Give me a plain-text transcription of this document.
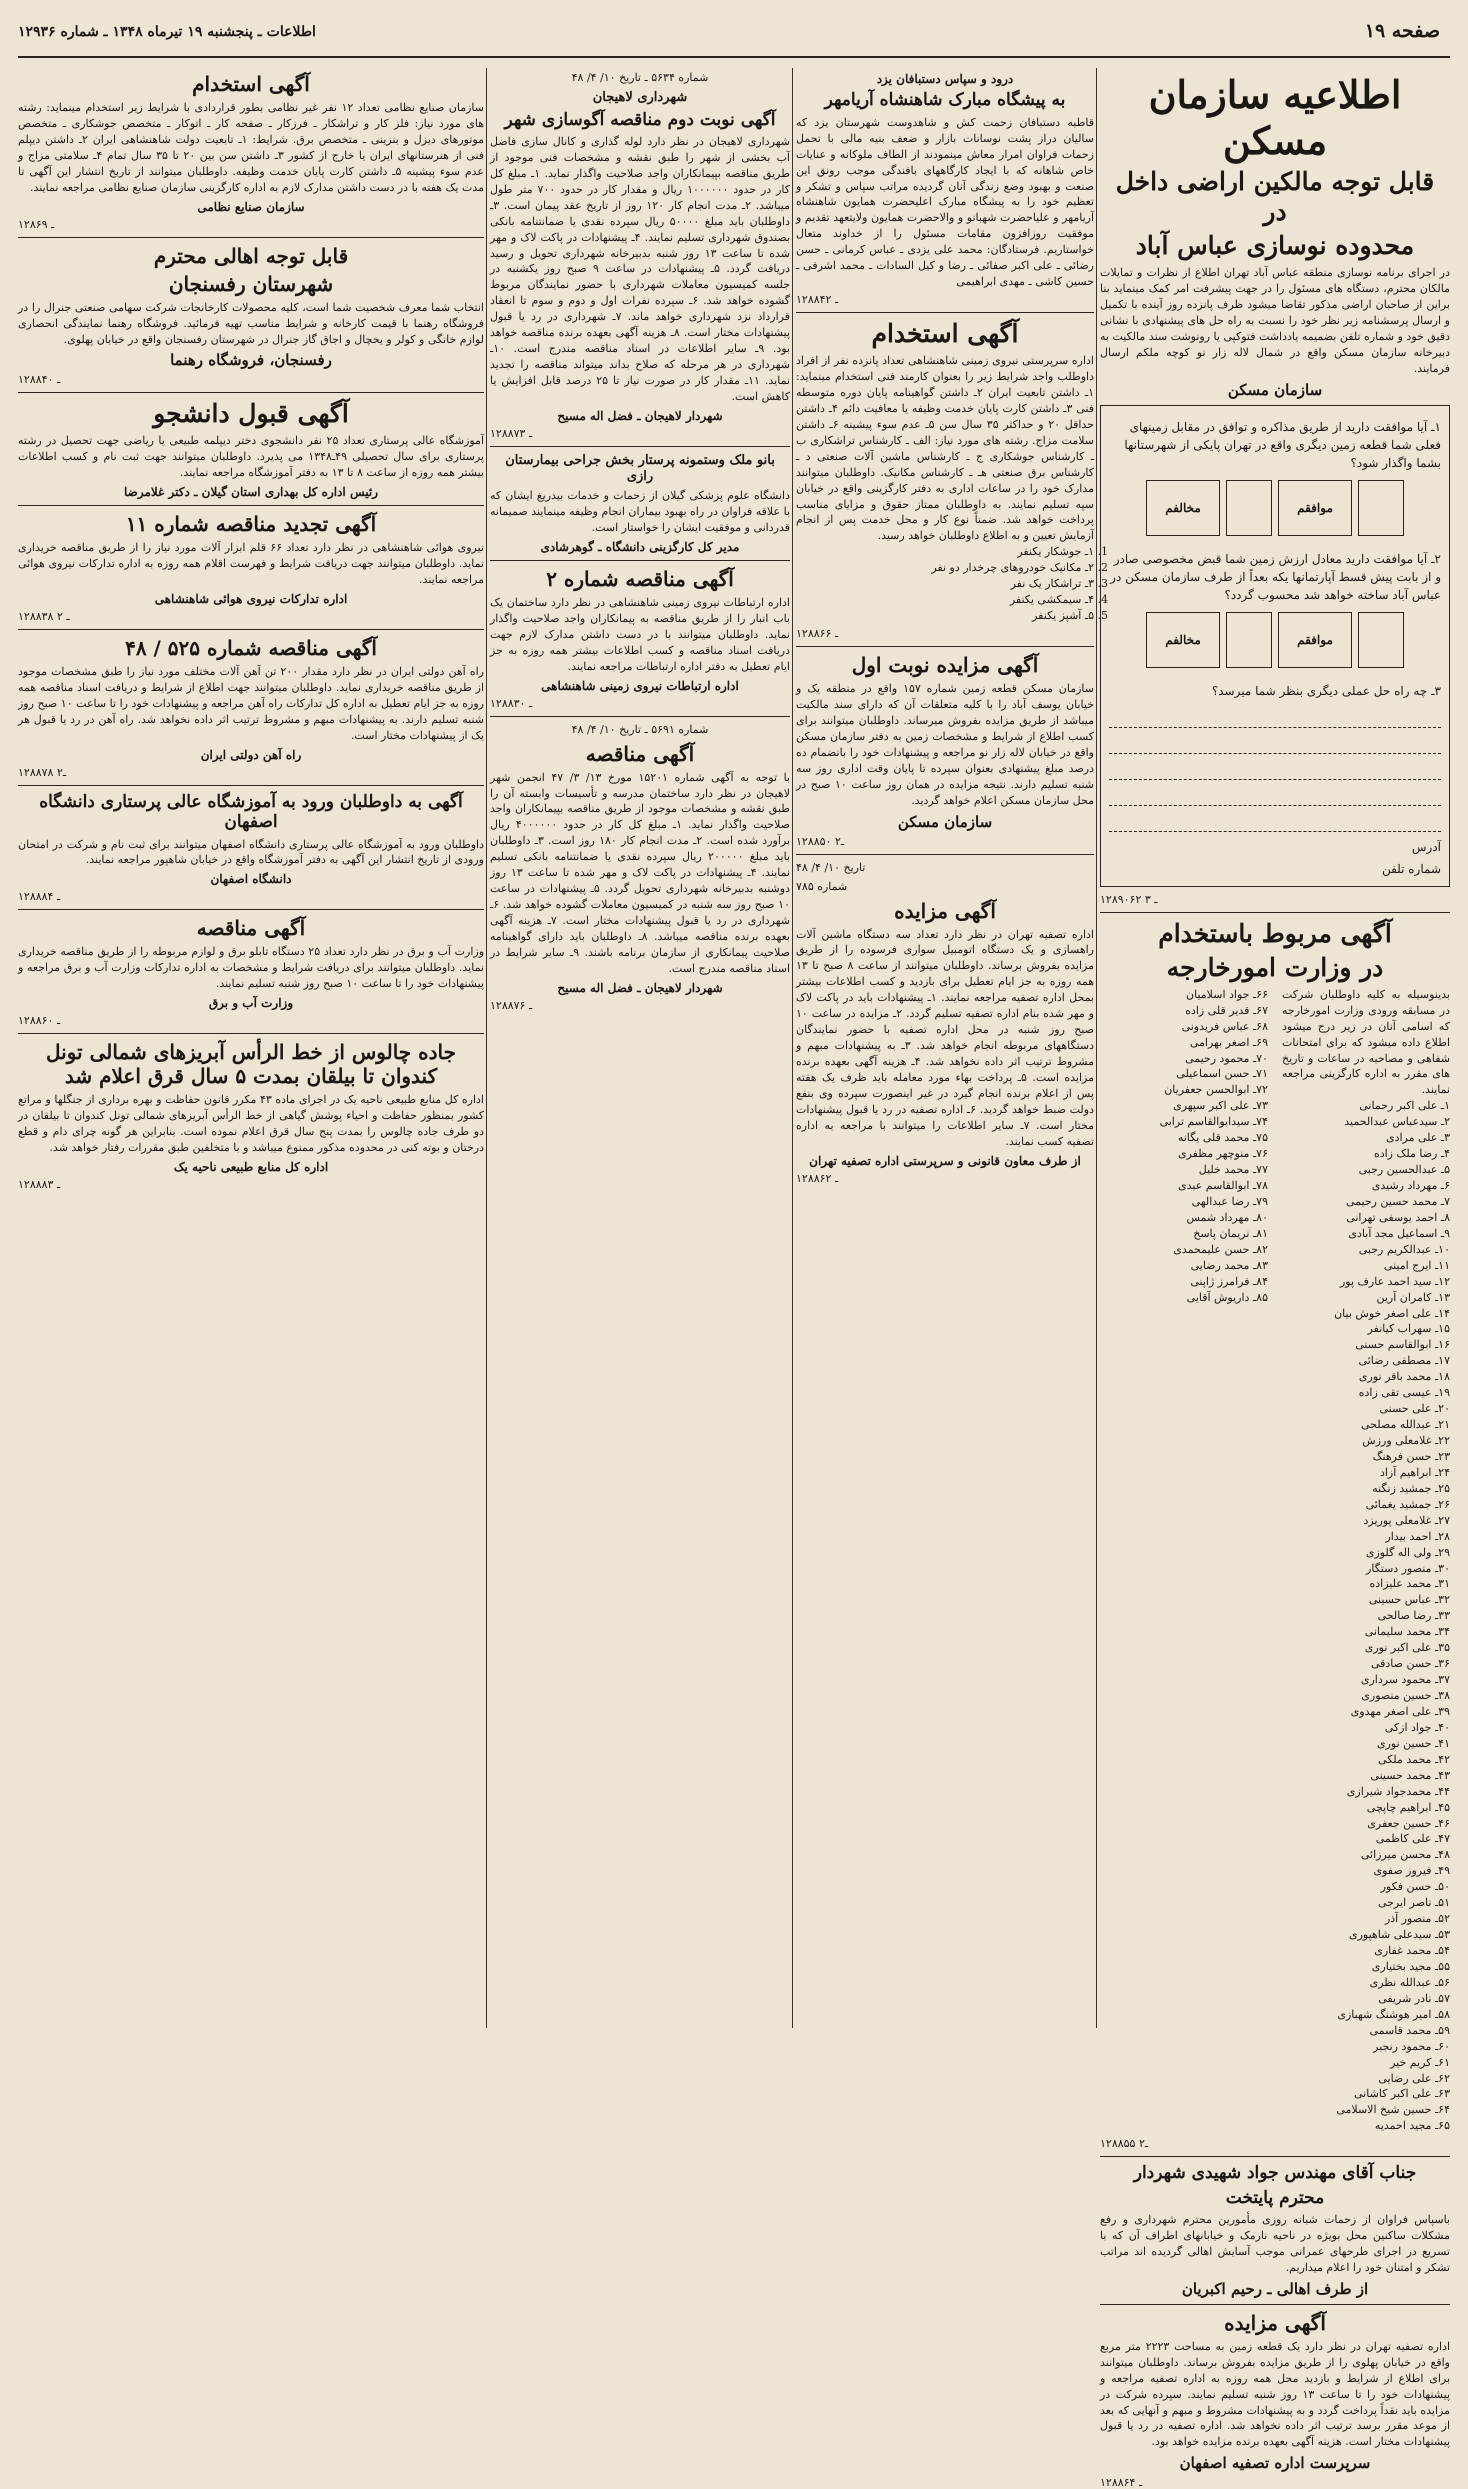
صفحه ۱۹
اطلاعات ـ پنجشنبه ۱۹ تیرماه ۱۳۴۸ ـ شماره ۱۲۹۳۶
اطلاعیه سازمان مسکن
قابل توجه مالکین اراضی داخل در
محدوده نوسازی عباس آباد
در اجرای برنامه نوسازی منطقه عباس آباد تهران اطلاع از نظرات و تمایلات مالکان محترم، دستگاه های مسئول را در جهت پیشرفت امر کمک مینماید بنا براین از صاحبان اراضی مذکور تقاضا میشود ظرف پانزده روز آینده با تکمیل و ارسال پرسشنامه زیر نظر خود را نسبت به راه حل های پیشنهادی با نشانی دقیق خود و شماره تلفن بضمیمه یادداشت فتوکپی یا رونوشت سند مالکیت به دبیرخانه سازمان مسکن واقع در شمال لاله زار نو کوچه ملکم ارسال فرمایند.
سازمان مسکن
۱ـ آیا موافقت دارید از طریق مذاکره و توافق در مقابل زمینهای فعلی شما قطعه زمین دیگری واقع در تهران پایکی از شهرستانها بشما واگذار شود؟
موافقم
مخالفم
۲ـ آیا موافقت دارید معادل ارزش زمین شما قبض مخصوصی صادر و از بابت پیش قسط آپارتمانها یکه بعداً از طرف سازمان مسکن در عباس آباد ساخته خواهد شد محسوب گردد؟
موافقم
مخالفم
۳ـ چه راه حل عملی دیگری بنظر شما میرسد؟
آدرس
شماره تلفن
۱ـ ۳ ۲۸۹۰۶۲
آگهی مربوط باستخدام
در وزارت امورخارجه
بدینوسیله به کلیه داوطلبان شرکت در مسابقه ورودی وزارت امورخارجه که اسامی آنان در زیر درج میشود اطلاع داده میشود که برای امتحانات شفاهی و مصاحبه در ساعات و تاریخ های مقرر به اداره کارگزینی مراجعه نمایند.
۱ـ علی اکبر رحمانی
۲ـ سیدعباس عبدالحمید
۳ـ علی مرادی
۴ـ رضا ملک زاده
۵ـ عبدالحسین رجبی
۶ـ مهرداد رشیدی
۷ـ محمد حسین رحیمی
۸ـ احمد یوسفی تهرانی
۹ـ اسماعیل مجد آبادی
۱۰ـ عبدالکریم رجبی
۱۱ـ ایرج امینی
۱۲ـ سید احمد عارف پور
۱۳ـ کامران آرین
۱۴ـ علی اصغر خوش بیان
۱۵ـ سهراب کیانفر
۱۶ـ ابوالقاسم حسنی
۱۷ـ مصطفی رضائی
۱۸ـ محمد باقر نوری
۱۹ـ عیسی تقی زاده
۲۰ـ علی حسنی
۲۱ـ عبدالله مصلحی
۲۲ـ غلامعلی ورزش
۲۳ـ حسن فرهنگ
۲۴ـ ابراهیم آزاد
۲۵ـ جمشید زنگنه
۲۶ـ جمشید یغمائی
۲۷ـ غلامعلی پوریزد
۲۸ـ احمد بیدار
۲۹ـ ولی اله گلوزی
۳۰ـ منصور دستگار
۳۱ـ محمد علیزاده
۳۲ـ عباس حسینی
۳۳ـ رضا صالحی
۳۴ـ محمد سلیمانی
۳۵ـ علی اکبر نوری
۳۶ـ حسن صادقی
۳۷ـ محمود سرداری
۳۸ـ حسین منصوری
۳۹ـ علی اصغر مهدوی
۴۰ـ جواد ازکی
۴۱ـ حسین نوری
۴۲ـ محمد ملکی
۴۳ـ محمد حسینی
۴۴ـ محمدجواد شیرازی
۴۵ـ ابراهیم چاپچی
۴۶ـ حسین جعفری
۴۷ـ علی کاظمی
۴۸ـ محسن میرزائی
۴۹ـ فیروز صفوی
۵۰ـ حسن فکور
۵۱ـ ناصر ایرجی
۵۲ـ منصور آذر
۵۳ـ سیدعلی شاهپوری
۵۴ـ محمد غفاری
۵۵ـ مجید بختیاری
۵۶ـ عبدالله نظری
۵۷ـ نادر شریفی
۵۸ـ امیر هوشنگ شهبازی
۵۹ـ محمد قاسمی
۶۰ـ محمود رنجبر
۶۱ـ کریم خیر
۶۲ـ علی رضایی
۶۳ـ علی اکبر کاشانی
۶۴ـ حسین شیخ الاسلامی
۶۵ـ مجید احمدیه
۶۶ـ جواد اسلامیان
۶۷ـ قدیر قلی زاده
۶۸ـ عباس فریدونی
۶۹ـ اصغر بهرامی
۷۰ـ محمود رحیمی
۷۱ـ حسن اسماعیلی
۷۲ـ ابوالحسن جعفریان
۷۳ـ علی اکبر سپهری
۷۴ـ سیدابوالقاسم ترابی
۷۵ـ محمد قلی یگانه
۷۶ـ منوچهر مظفری
۷۷ـ محمد خلیل
۷۸ـ ابوالقاسم عبدی
۷۹ـ رضا عبدالهی
۸۰ـ مهرداد شمس
۸۱ـ نریمان پاسخ
۸۲ـ حسن علیمحمدی
۸۳ـ محمد رضایی
۸۴ـ فرامرز ژاپنی
۸۵ـ داریوش آقایی
۱ـ۲ ۲۸۸۵۵
جناب آقای مهندس جواد شهیدی شهردار
محترم پایتخت
باسپاس فراوان از زحمات شبانه روزی مأمورین محترم شهرداری و رفع مشکلات ساکنین محل بویژه در ناحیه نارمک و خیابانهای اطراف آن که با تسریع در اجرای طرحهای عمرانی موجب آسایش اهالی گردیده اند مراتب تشکر و امتنان خود را اعلام میداریم.
از طرف اهالی ـ رحیم اکبریان
آگهی مزایده
اداره تصفیه تهران در نظر دارد یک قطعه زمین به مساحت ۲۲۲۳ متر مربع واقع در خیابان پهلوی را از طریق مزایده بفروش برساند. داوطلبان میتوانند برای اطلاع از شرایط و بازدید محل همه روزه به اداره تصفیه مراجعه و پیشنهادات خود را تا ساعت ۱۳ روز شنبه تسلیم نمایند. سپرده شرکت در مزایده باید نقداً پرداخت گردد و به پیشنهادات مشروط و مبهم و آنهایی که بعد از موعد مقرر برسد ترتیب اثر داده نخواهد شد. اداره تصفیه در رد یا قبول پیشنهادات مختار است. هزینه آگهی بعهده برنده مزایده خواهد بود.
سرپرست اداره تصفیه اصفهان
۱ـ ۲۸۸۶۴
درود و سپاس دستبافان یزد
به پیشگاه مبارک شاهنشاه آریامهر
قاطبه دستبافان زحمت کش و شاهدوست شهرستان یزد که سالیان دراز پشت نوسانات بازار و ضعف بنیه مالی با تحمل زحمات فراوان امرار معاش مینمودند از الطاف ملوکانه و عنایات خاص شاهانه که با ایجاد کارگاههای بافندگی موجب رونق این صنعت و بهبود وضع زندگی آنان گردیده مراتب سپاس و تشکر و تعظیم خود را به پیشگاه مبارک اعلیحضرت همایون شاهنشاه آریامهر و علیاحضرت شهبانو و والاحضرت همایون ولایتعهد تقدیم و موفقیت روزافزون مقامات مسئول را از خداوند متعال خواستاریم. فرستادگان: محمد علی یزدی ـ عباس کرمانی ـ حسن رضائی ـ علی اکبر صفائی ـ رضا و کیل السادات ـ محمد اشرفی ـ حسین کاشی ـ مهدی ابراهیمی
۱ـ ۲۸۸۴۲
آگهی استخدام
اداره سرپرستی نیروی زمینی شاهنشاهی تعداد پانزده نفر از افراد داوطلب واجد شرایط زیر را بعنوان کارمند فنی استخدام مینماید: ۱ـ داشتن تابعیت ایران ۲ـ داشتن گواهینامه پایان دوره متوسطه فنی ۳ـ داشتن کارت پایان خدمت وظیفه یا معافیت دائم ۴ـ داشتن حداقل ۲۰ و حداکثر ۳۵ سال سن ۵ـ عدم سوء پیشینه ۶ـ داشتن سلامت مزاج. رشته های مورد نیاز: الف ـ کارشناس تراشکاری ب ـ کارشناس جوشکاری ج ـ کارشناس ماشین آلات صنعتی د ـ کارشناس برق صنعتی هـ ـ کارشناس مکانیک. داوطلبان میتوانند مدارک خود را در ساعات اداری به دفتر کارگزینی واقع در خیابان سپه تسلیم نمایند. به داوطلبان ممتاز حقوق و مزایای مناسب پرداخت خواهد شد. ضمناً نوع کار و محل خدمت پس از انجام آزمایش تعیین و به اطلاع داوطلبان خواهد رسید.
1. ۱ـ جوشکار یکنفر
2. ۲ـ مکانیک خودروهای چرخدار دو نفر
3. ۳ـ تراشکار یک نفر
4. ۴ـ سیمکشی یکنفر
5. ۵ـ آشپز یکنفر
۱ـ ۲۸۸۶۶
آگهی مزایده نوبت اول
سازمان مسکن قطعه زمین شماره ۱۵۷ واقع در منطقه یک و خیابان یوسف آباد را با کلیه متعلقات آن که دارای سند مالکیت میباشد از طریق مزایده بفروش میرساند. داوطلبان میتوانند برای کسب اطلاع از شرایط و مشخصات زمین به دفتر سازمان مسکن واقع در خیابان لاله زار نو مراجعه و پیشنهادات خود را بانضمام ده درصد مبلغ پیشنهادی بعنوان سپرده تا پایان وقت اداری روز سه شنبه تسلیم دارند. نتیجه مزایده در همان روز ساعت ۱۰ صبح در محل سازمان مسکن اعلام خواهد گردید.
سازمان مسکن
۱ـ۲ ۲۸۸۵۰
تاریخ ۱۰/ ۴/ ۴۸
شماره ۷۸۵
آگهی مزایده
اداره تصفیه تهران در نظر دارد تعداد سه دستگاه ماشین آلات راهسازی و یک دستگاه اتومبیل سواری فرسوده را از طریق مزایده بفروش برساند. داوطلبان میتوانند از ساعت ۸ صبح تا ۱۳ همه روزه به جز ایام تعطیل برای بازدید و کسب اطلاعات بیشتر بمحل اداره تصفیه مراجعه نمایند. ۱ـ پیشنهادات باید در پاکت لاک و مهر شده بنام اداره تصفیه تسلیم گردد. ۲ـ مزایده در ساعت ۱۰ صبح روز شنبه در محل اداره تصفیه با حضور نمایندگان دستگاههای مربوطه انجام خواهد شد. ۳ـ به پیشنهادات مبهم و مشروط ترتیب اثر داده نخواهد شد. ۴ـ هزینه آگهی بعهده برنده مزایده است. ۵ـ پرداخت بهاء مورد معامله باید ظرف یک هفته پس از اعلام برنده انجام گیرد در غیر اینصورت سپرده وی بنفع دولت ضبط خواهد گردید. ۶ـ اداره تصفیه در رد یا قبول پیشنهادات مختار است. ۷ـ سایر اطلاعات را میتوانند با مراجعه به اداره تصفیه کسب نمایند.
از طرف معاون قانونی و سرپرستی اداره تصفیه تهران
۱ـ ۲۸۸۶۲
شماره ۵۶۳۴ ـ تاریخ ۱۰/ ۴/ ۴۸
شهرداری لاهیجان
آگهی نوبت دوم مناقصه آگوسازی شهر
شهرداری لاهیجان در نظر دارد لوله گذاری و کانال سازی فاضل آب بخشی از شهر را طبق نقشه و مشخصات فنی موجود از طریق مناقصه بپیمانکاران واجد صلاحیت واگذار نماید. ۱ـ مبلغ کل کار در حدود ۱۰۰۰۰۰۰ ریال و مقدار کار در حدود ۷۰۰ متر طول میباشد. ۲ـ مدت انجام کار ۱۲۰ روز از تاریخ عقد پیمان است. ۳ـ داوطلبان باید مبلغ ۵۰۰۰۰ ریال سپرده نقدی یا ضمانتنامه بانکی بصندوق شهرداری تسلیم نمایند. ۴ـ پیشنهادات در پاکت لاک و مهر شده تا ساعت ۱۳ روز شنبه بدبیرخانه شهرداری تحویل و رسید دریافت گردد. ۵ـ پیشنهادات در ساعت ۹ صبح روز یکشنبه در جلسه کمیسیون معاملات شهرداری با حضور نمایندگان مربوط گشوده خواهد شد. ۶ـ سپرده نفرات اول و دوم و سوم تا انعقاد قرارداد نزد شهرداری خواهد ماند. ۷ـ شهرداری در رد یا قبول پیشنهادات مختار است. ۸ـ هزینه آگهی بعهده برنده مناقصه خواهد بود. ۹ـ سایر اطلاعات در اسناد مناقصه مندرج است. ۱۰ـ شهرداری در هر مرحله که صلاح بداند میتواند مناقصه را تجدید نماید. ۱۱ـ مقدار کار در صورت نیاز تا ۲۵ درصد قابل افزایش یا کاهش است.
شهردار لاهیجان ـ فضل اله مسیح
۱ـ ۲۸۸۷۳
بانو ملک وستمونه پرستار بخش جراحی بیمارستان رازی
دانشگاه علوم پزشکی گیلان از زحمات و خدمات بیدریغ ایشان که با علاقه فراوان در راه بهبود بیماران انجام وظیفه مینمایند صمیمانه قدردانی و موفقیت ایشان را خواستار است.
مدیر کل کارگزینی دانشگاه ـ گوهرشادی
آگهی مناقصه شماره ۲
اداره ارتباطات نیروی زمینی شاهنشاهی در نظر دارد ساختمان یک باب انبار را از طریق مناقصه به پیمانکاران واجد صلاحیت واگذار نماید. داوطلبان میتوانند با در دست داشتن مدارک لازم جهت دریافت اسناد مناقصه و کسب اطلاعات بیشتر همه روزه به جز ایام تعطیل به دفتر اداره ارتباطات مراجعه نمایند.
اداره ارتباطات نیروی زمینی شاهنشاهی
۱ـ ۲۸۸۳۰
شماره ۵۶۹۱ ـ تاریخ ۱۰/ ۴/ ۴۸
آگهی مناقصه
با توجه به آگهی شماره ۱۵۲۰۱ مورخ ۱۳/ ۳/ ۴۷ انجمن شهر لاهیجان در نظر دارد ساختمان مدرسه و تأسیسات وابسته آن را طبق نقشه و مشخصات موجود از طریق مناقصه بپیمانکاران واجد صلاحیت واگذار نماید. ۱ـ مبلغ کل کار در حدود ۴۰۰۰۰۰۰ ریال برآورد شده است. ۲ـ مدت انجام کار ۱۸۰ روز است. ۳ـ داوطلبان باید مبلغ ۲۰۰۰۰۰ ریال سپرده نقدی یا ضمانتنامه بانکی تسلیم نمایند. ۴ـ پیشنهادات در پاکت لاک و مهر شده تا ساعت ۱۳ روز دوشنبه بدبیرخانه شهرداری تحویل گردد. ۵ـ پیشنهادات در ساعت ۱۰ صبح روز سه شنبه در کمیسیون معاملات گشوده خواهد شد. ۶ـ شهرداری در رد یا قبول پیشنهادات مختار است. ۷ـ هزینه آگهی بعهده برنده مناقصه میباشد. ۸ـ داوطلبان باید دارای گواهینامه صلاحیت پیمانکاری از سازمان برنامه باشند. ۹ـ سایر شرایط در اسناد مناقصه مندرج است.
شهردار لاهیجان ـ فضل اله مسیح
۱ـ ۲۸۸۷۶
آگهی استخدام
سازمان صنایع نظامی تعداد ۱۲ نفر غیر نظامی بطور قراردادی با شرایط زیر استخدام مینماید: رشته های مورد نیاز: فلز کار و تراشکار ـ فرزکار ـ صفحه کار ـ اتوکار ـ متخصص جوشکاری ـ متخصص موتورهای دیزل و بنزینی ـ متخصص برق. شرایط: ۱ـ تابعیت دولت شاهنشاهی ایران ۲ـ داشتن دیپلم فنی از هنرستانهای ایران یا خارج از کشور ۳ـ داشتن سن بین ۲۰ تا ۳۵ سال تمام ۴ـ سلامتی مزاج و عدم سوء پیشینه ۵ـ داشتن کارت پایان خدمت وظیفه. داوطلبان میتوانند از تاریخ انتشار این آگهی تا مدت یک هفته با در دست داشتن مدارک لازم به اداره کارگزینی سازمان صنایع نظامی مراجعه نمایند.
سازمان صنایع نظامی
۱ـ ۲۸۶۹
قابل توجه اهالی محترم
شهرستان رفسنجان
انتخاب شما معرف شخصیت شما است، کلیه محصولات کارخانجات شرکت سهامی صنعتی جنرال را در فروشگاه رهنما با قیمت کارخانه و شرایط مناسب تهیه فرمائید. فروشگاه رهنما نمایندگی انحصاری لوازم خانگی و کولر و یخچال و اجاق گاز جنرال در شهرستان رفسنجان واقع در خیابان پهلوی.
رفسنجان، فروشگاه رهنما
۱ـ ۲۸۸۴۰
آگهی قبول دانشجو
آموزشگاه عالی پرستاری تعداد ۲۵ نفر دانشجوی دختر دیپلمه طبیعی یا ریاضی جهت تحصیل در رشته پرستاری برای سال تحصیلی ۴۹ـ۱۳۴۸ می پذیرد. داوطلبان میتوانند جهت ثبت نام و کسب اطلاعات بیشتر همه روزه از ساعت ۸ تا ۱۳ به دفتر آموزشگاه مراجعه نمایند.
رئیس اداره کل بهداری استان گیلان ـ دکتر غلامرضا
آگهی تجدید مناقصه شماره ۱۱
نیروی هوائی شاهنشاهی در نظر دارد تعداد ۶۶ قلم ابزار آلات مورد نیاز را از طریق مناقصه خریداری نماید. داوطلبان میتوانند جهت دریافت شرایط و فهرست اقلام همه روزه به اداره تدارکات نیروی هوائی مراجعه نمایند.
اداره تدارکات نیروی هوائی شاهنشاهی
۱ـ ۲ ۲۸۸۳۸
آگهی مناقصه شماره ۵۲۵ / ۴۸
راه آهن دولتی ایران در نظر دارد مقدار ۲۰۰ تن آهن آلات مختلف مورد نیاز را طبق مشخصات موجود از طریق مناقصه خریداری نماید. داوطلبان میتوانند جهت اطلاع از شرایط و دریافت اسناد مناقصه همه روزه به جز ایام تعطیل به اداره کل تدارکات راه آهن مراجعه و پیشنهادات خود را تا ساعت ۱۰ صبح روز شنبه تسلیم دارند. به پیشنهادات مبهم و مشروط ترتیب اثر داده نخواهد شد. راه آهن در رد یا قبول هر یک از پیشنهادات مختار است.
راه آهن دولتی ایران
۱ـ۲ ۲۸۸۷۸
آگهی به داوطلبان ورود به آموزشگاه عالی پرستاری دانشگاه اصفهان
داوطلبان ورود به آموزشگاه عالی پرستاری دانشگاه اصفهان میتوانند برای ثبت نام و شرکت در امتحان ورودی از تاریخ انتشار این آگهی به دفتر آموزشگاه واقع در خیابان شاهپور مراجعه نمایند.
دانشگاه اصفهان
۱ـ ۲۸۸۸۴
آگهی مناقصه
وزارت آب و برق در نظر دارد تعداد ۲۵ دستگاه تابلو برق و لوازم مربوطه را از طریق مناقصه خریداری نماید. داوطلبان میتوانند برای دریافت شرایط و مشخصات به اداره تدارکات وزارت آب و برق مراجعه و پیشنهادات خود را تا ساعت ۱۰ صبح روز شنبه تسلیم نمایند.
وزارت آب و برق
۱ـ ۲۸۸۶۰
جاده چالوس از خط الرأس آبریزهای شمالی تونل کندوان تا بیلقان بمدت ۵ سال قرق اعلام شد
اداره کل منابع طبیعی ناحیه یک در اجرای ماده ۴۳ مکرر قانون حفاظت و بهره برداری از جنگلها و مراتع کشور بمنظور حفاظت و احیاء پوشش گیاهی از خط الرأس آبریزهای شمالی تونل کندوان تا بیلقان در دو طرف جاده چالوس را بمدت پنج سال قرق اعلام نموده است. بنابراین هر گونه چرای دام و قطع درختان و بوته کنی در محدوده مذکور ممنوع میباشد و با متخلفین طبق مقررات رفتار خواهد شد.
اداره کل منابع طبیعی ناحیه یک
۱ـ ۲۸۸۸۳
